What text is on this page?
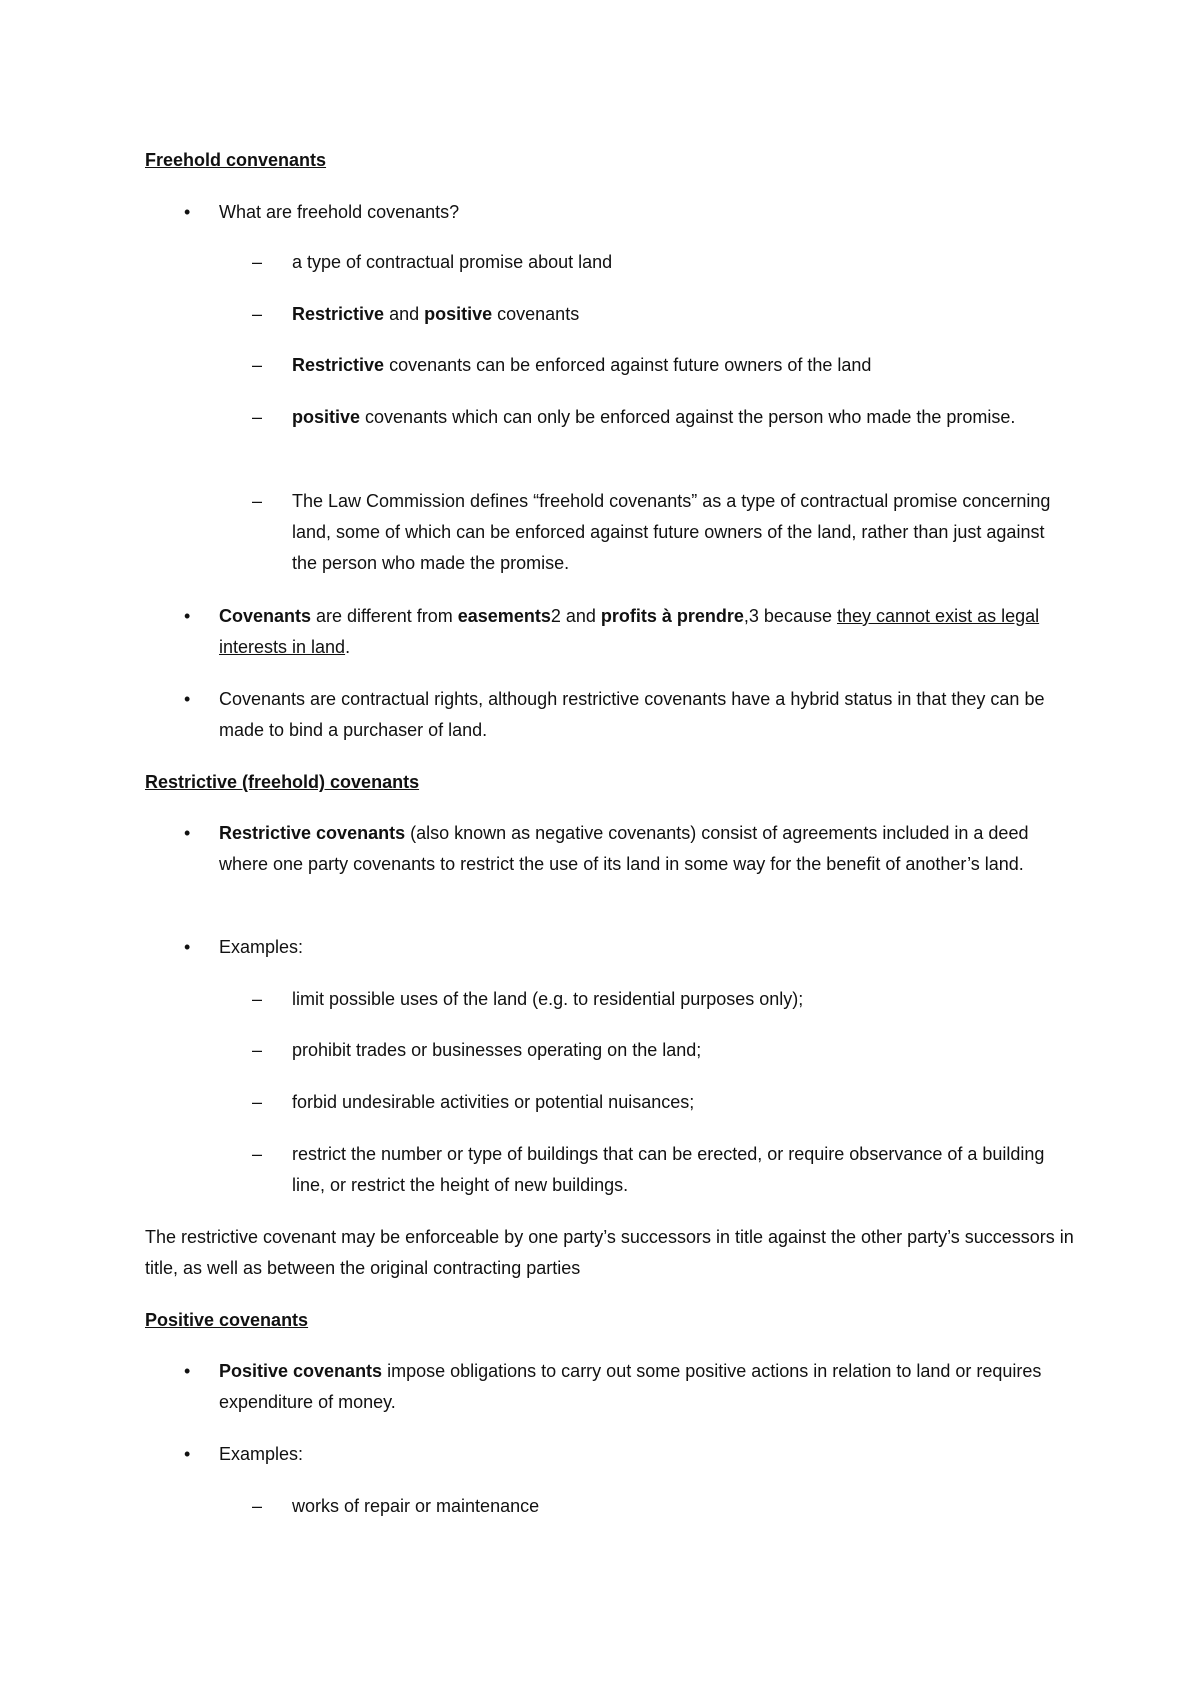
Freehold convenants
• What are freehold covenants?
– a type of contractual promise about land
– Restrictive and positive covenants
– Restrictive covenants can be enforced against future owners of the land
– positive covenants which can only be enforced against the person who made the promise.
– The Law Commission defines “freehold covenants” as a type of contractual promise concerning land, some of which can be enforced against future owners of the land, rather than just against the person who made the promise.
• Covenants are different from easements2 and profits à prendre,3 because they cannot exist as legal interests in land.
• Covenants are contractual rights, although restrictive covenants have a hybrid status in that they can be made to bind a purchaser of land.
Restrictive (freehold) covenants
• Restrictive covenants (also known as negative covenants) consist of agreements included in a deed where one party covenants to restrict the use of its land in some way for the benefit of another’s land.
• Examples:
– limit possible uses of the land (e.g. to residential purposes only);
– prohibit trades or businesses operating on the land;
– forbid undesirable activities or potential nuisances;
– restrict the number or type of buildings that can be erected, or require observance of a building line, or restrict the height of new buildings.
The restrictive covenant may be enforceable by one party’s successors in title against the other party’s successors in title, as well as between the original contracting parties
Positive covenants
• Positive covenants impose obligations to carry out some positive actions in relation to land or requires expenditure of money.
• Examples:
– works of repair or maintenance
